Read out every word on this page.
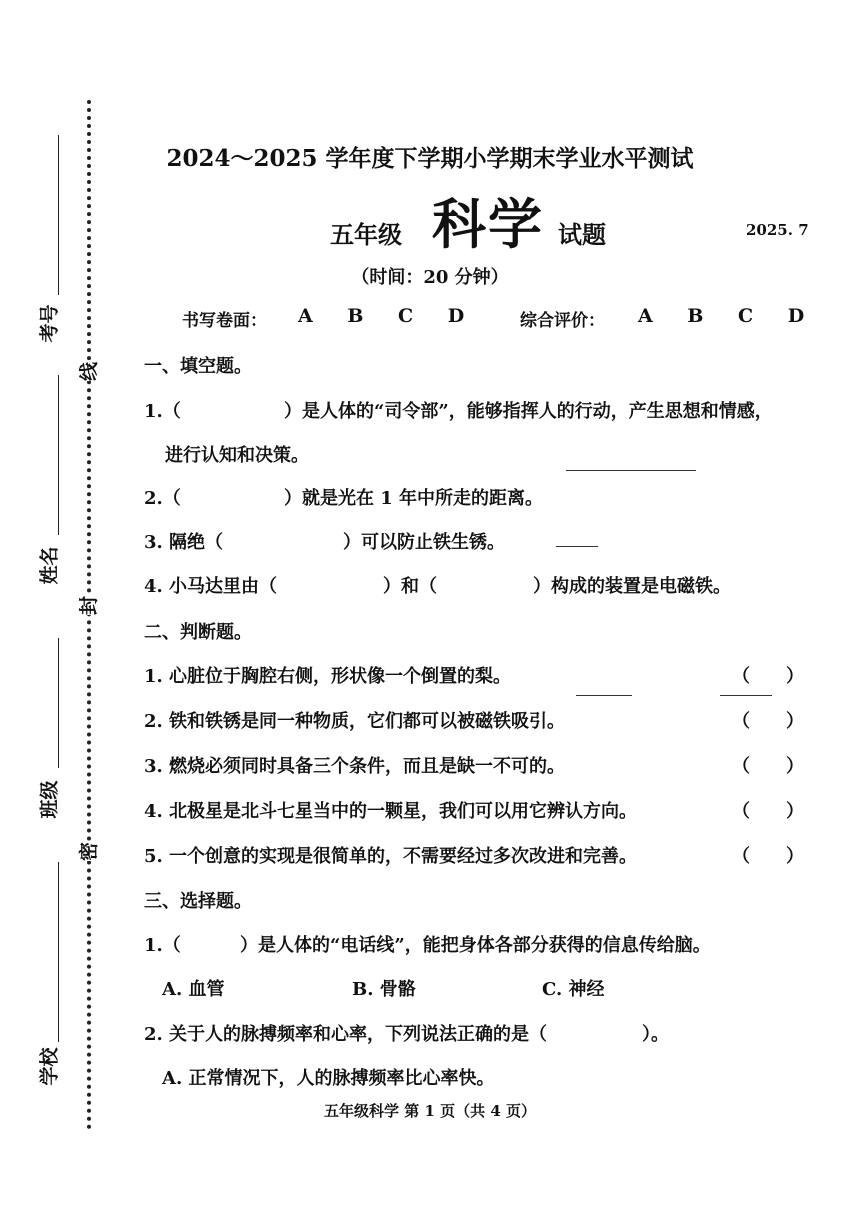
考号
姓名
班级
学校
线
封
密
2024～2025 学年度下学期小学期末学业水平测试
五年级 科学 试题	2025. 7
（时间：20 分钟）
书写卷面： A B C D 综合评价： A B C D
一、填空题。
1.（	）是人体的“司令部”，能够指挥人的行动，产生思想和情感，
进行认知和决策。
2.（	）就是光在 1 年中所走的距离。
3. 隔绝（	）可以防止铁生锈。
4. 小马达里由（	）和（	）构成的装置是电磁铁。
二、判断题。
1. 心脏位于胸腔右侧，形状像一个倒置的梨。	（　　）
2. 铁和铁锈是同一种物质，它们都可以被磁铁吸引。	（　　）
3. 燃烧必须同时具备三个条件，而且是缺一不可的。	（　　）
4. 北极星是北斗七星当中的一颗星，我们可以用它辨认方向。	（　　）
5. 一个创意的实现是很简单的，不需要经过多次改进和完善。	（　　）
三、选择题。
1.（	）是人体的“电话线”，能把身体各部分获得的信息传给脑。
A. 血管	B. 骨骼	C. 神经
2. 关于人的脉搏频率和心率，下列说法正确的是（	）。
A. 正常情况下，人的脉搏频率比心率快。
五年级科学 第 1 页（共 4 页）
